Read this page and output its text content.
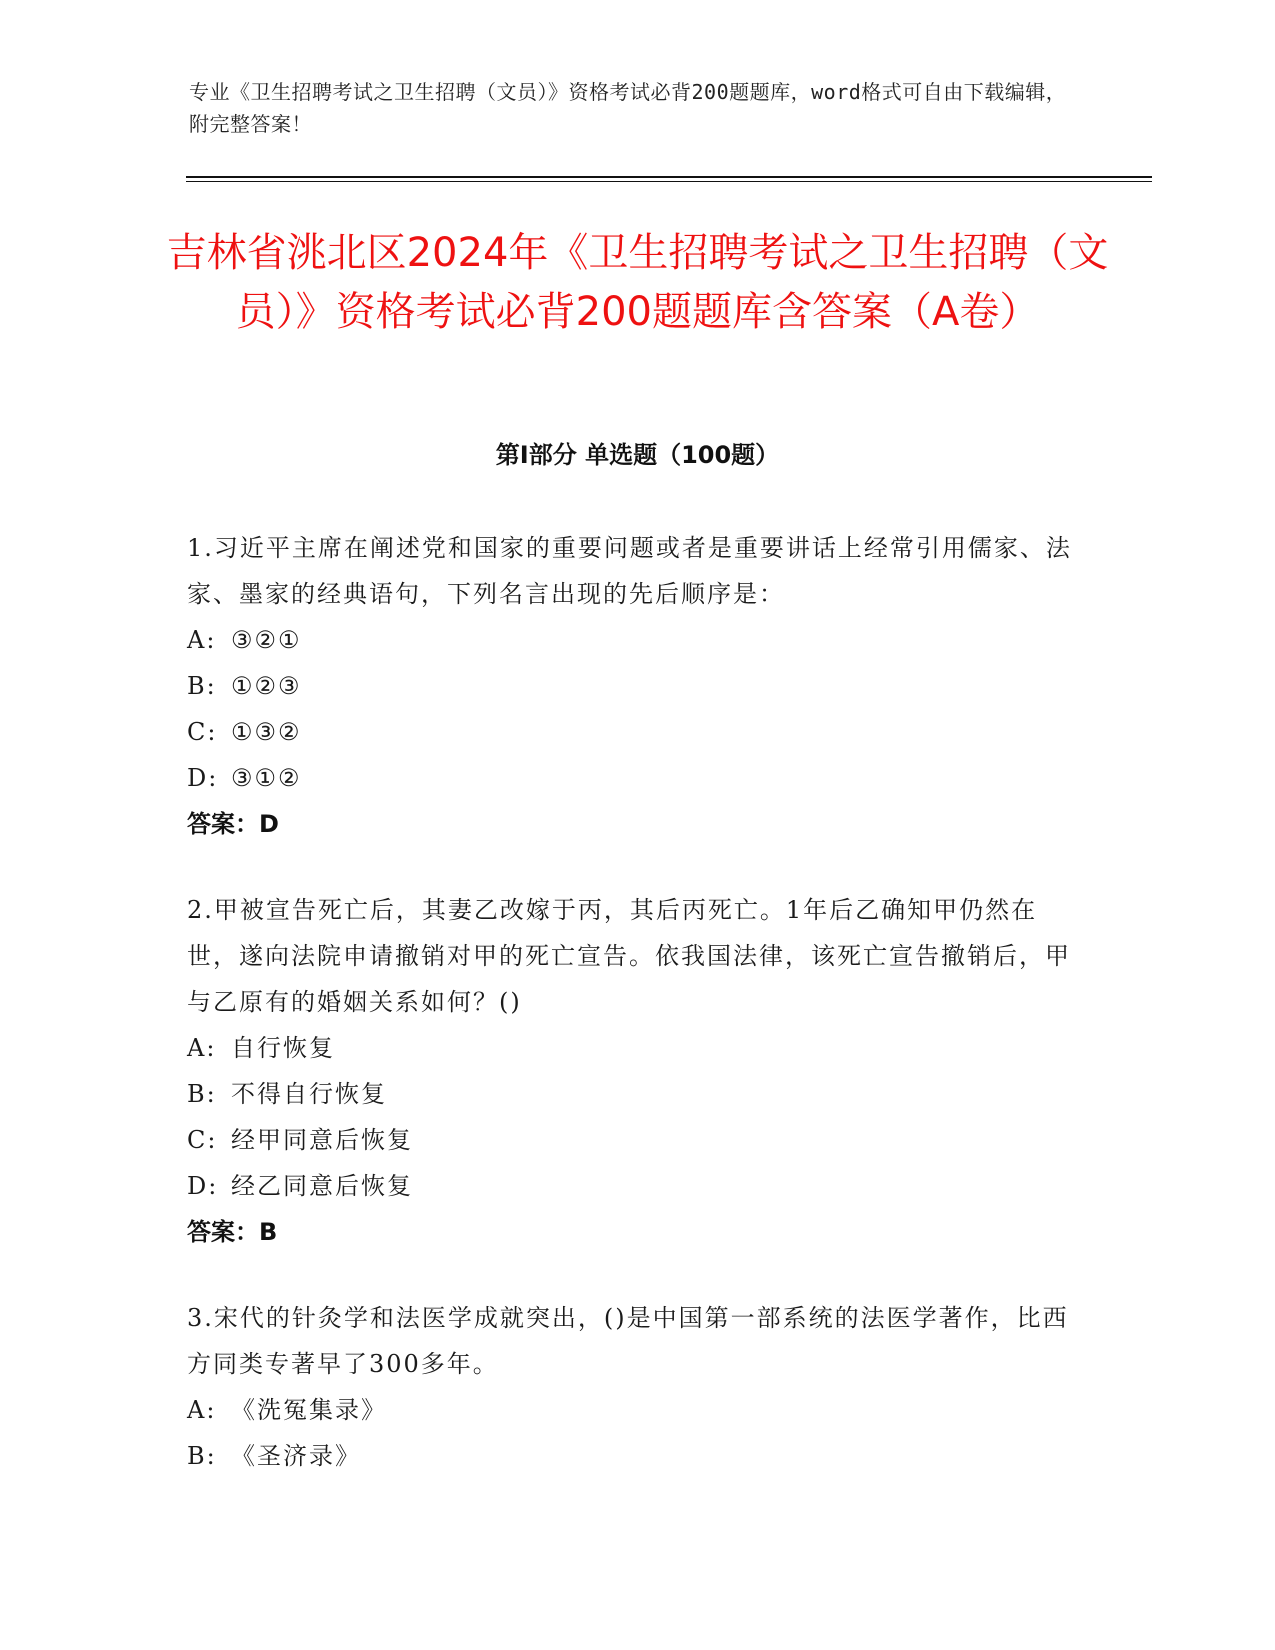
专业《卫生招聘考试之卫生招聘（文员）》资格考试必背200题题库，word格式可自由下载编辑，附完整答案！
吉林省洮北区2024年《卫生招聘考试之卫生招聘（文员）》资格考试必背200题题库含答案（A卷）
第I部分 单选题（100题）
1.习近平主席在阐述党和国家的重要问题或者是重要讲话上经常引用儒家、法家、墨家的经典语句，下列名言出现的先后顺序是：
A: ③②①
B: ①②③
C: ①③②
D: ③①②
答案：D
2.甲被宣告死亡后，其妻乙改嫁于丙，其后丙死亡。1年后乙确知甲仍然在世，遂向法院申请撤销对甲的死亡宣告。依我国法律，该死亡宣告撤销后，甲与乙原有的婚姻关系如何？()
A: 自行恢复
B: 不得自行恢复
C: 经甲同意后恢复
D: 经乙同意后恢复
答案：B
3.宋代的针灸学和法医学成就突出，()是中国第一部系统的法医学著作，比西方同类专著早了300多年。
A: 《洗冤集录》
B: 《圣济录》
